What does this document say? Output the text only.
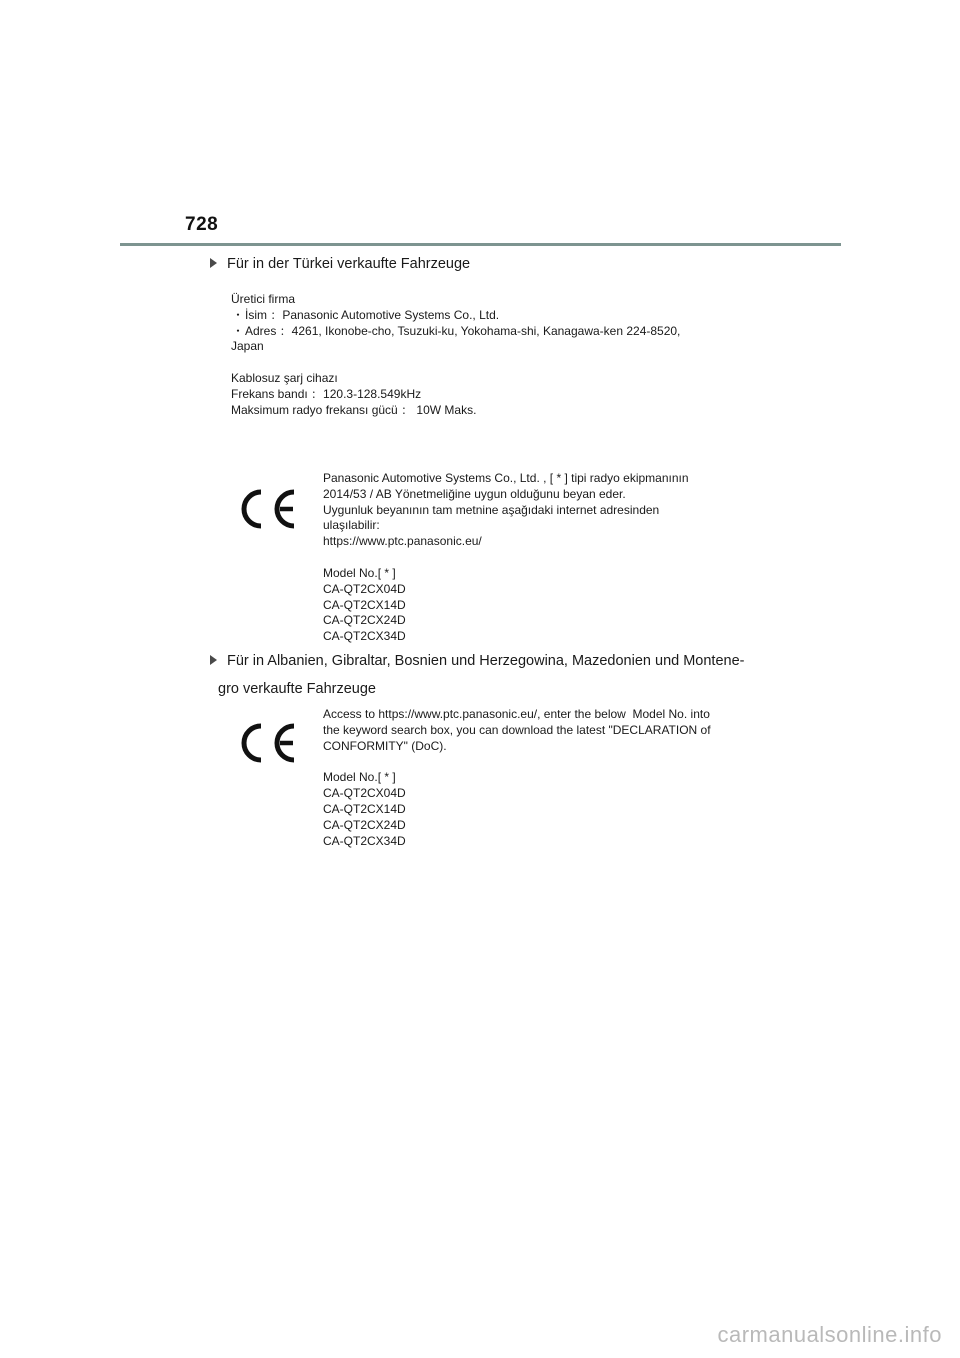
728
Für in der Türkei verkaufte Fahrzeuge
Üretici firma
・İsim ：Panasonic Automotive Systems Co., Ltd.
・Adres ：4261, Ikonobe-cho, Tsuzuki-ku, Yokohama-shi, Kanagawa-ken 224-8520,
Japan
Kablosuz şarj cihazı
Frekans bandı ：120.3-128.549kHz
Maksimum radyo frekansı gücü ： 10W Maks.
Panasonic Automotive Systems Co., Ltd. , [ * ] tipi radyo ekipmanının
2014/53 / AB Yönetmeliğine uygun olduğunu beyan eder.
Uygunluk beyanının tam metnine aşağıdaki internet adresinden
ulaşılabilir:
https://www.ptc.panasonic.eu/
Model No.[ * ]
CA-QT2CX04D
CA-QT2CX14D
CA-QT2CX24D
CA-QT2CX34D
Für in Albanien, Gibraltar, Bosnien und Herzegowina, Mazedonien und Montene-
gro verkaufte Fahrzeuge
Access to https://www.ptc.panasonic.eu/, enter the below  Model No. into
the keyword search box, you can download the latest "DECLARATION of
CONFORMITY" (DoC).
Model No.[ * ]
CA-QT2CX04D
CA-QT2CX14D
CA-QT2CX24D
CA-QT2CX34D
carmanualsonline.info
